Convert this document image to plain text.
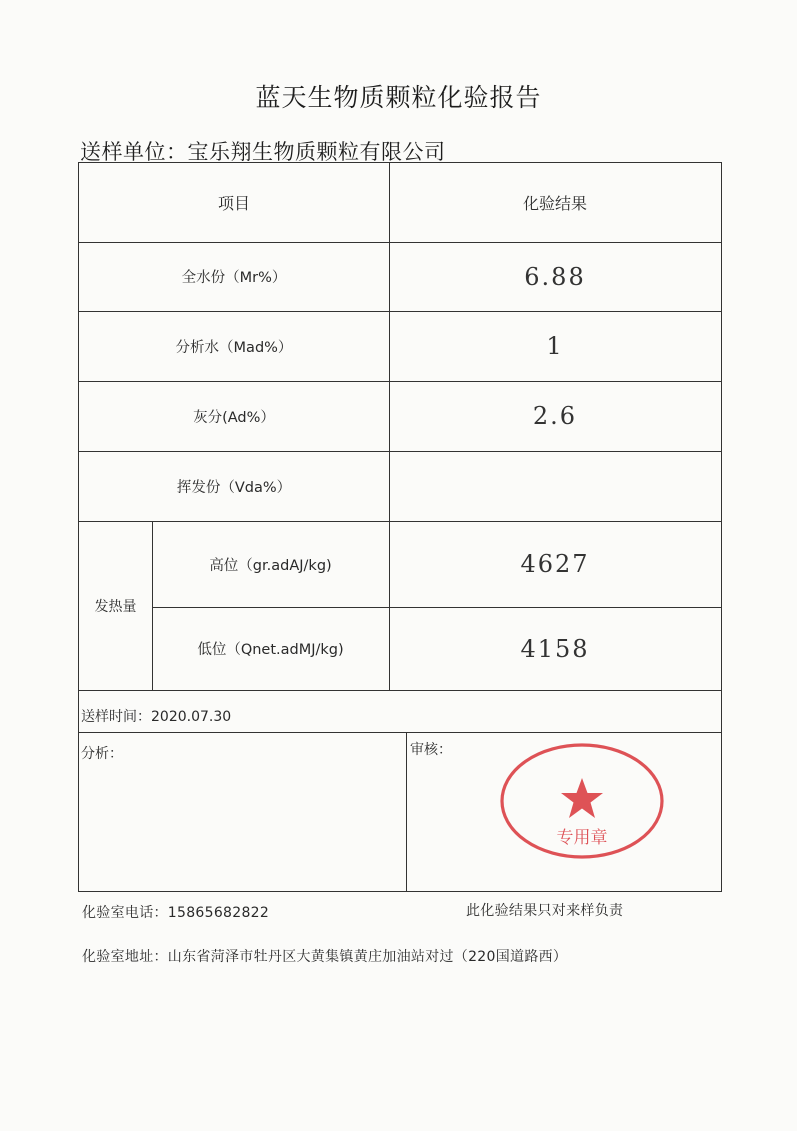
蓝天生物质颗粒化验报告
送样单位：宝乐翔生物质颗粒有限公司
项目	化验结果
全水份（Mr%）	6.88
分析水（Mad%）	1
灰分(Ad%）	2.6
挥发份（Vda%）
发热量
高位（gr.adAJ/kg)	4627
低位（Qnet.adMJ/kg)	4158
送样时间：2020.07.30
分析：	审核：
专用章
化验室电话：15865682822	此化验结果只对来样负责
化验室地址：山东省菏泽市牡丹区大黄集镇黄庄加油站对过（220国道路西）
